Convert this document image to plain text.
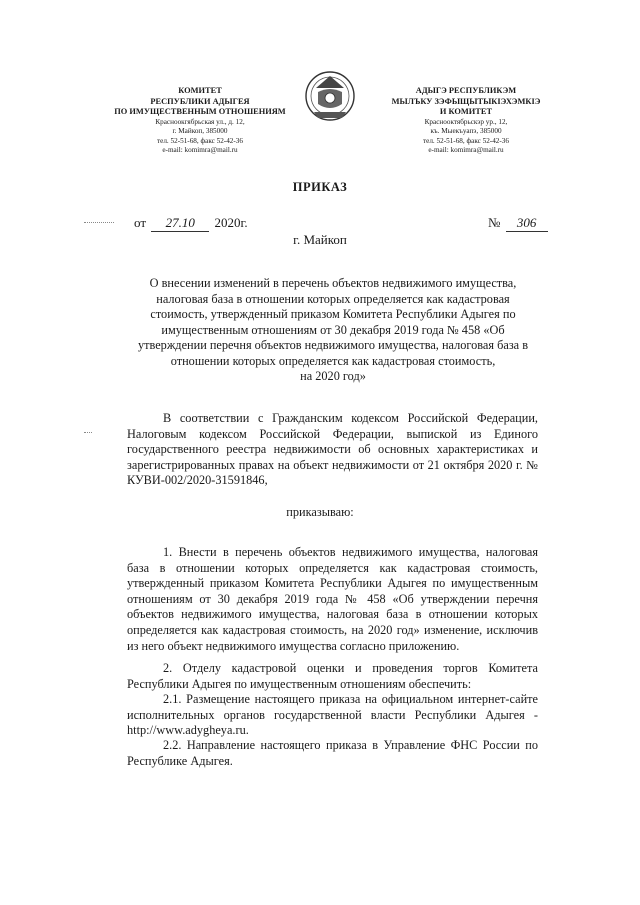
КОМИТЕТ
РЕСПУБЛИКИ АДЫГЕЯ
ПО ИМУЩЕСТВЕННЫМ ОТНОШЕНИЯМ
Красноокгябрьская ул., д. 12,
г. Майкоп, 385000
тел. 52-51-68, факс 52-42-36
e-mail: komimra@mail.ru
АДЫГЭ РЕСПУБЛИКЭМ
МЫЛЪКУ ЗЭФЫЩЫТЫКIЭХЭМКIЭ
И КОМИТЕТ
Краснооктябрьскэр ур., 12,
къ. Мыекъуапэ, 385000
тел. 52-51-68, факс 52-42-36
e-mail: komimra@mail.ru
ПРИКАЗ
от 27.10 2020г.	№ 306
г. Майкоп
О внесении изменений в перечень объектов недвижимого имущества,
налоговая база в отношении которых определяется как кадастровая
стоимость, утвержденный приказом Комитета Республики Адыгея по
имущественным отношениям от 30 декабря 2019 года № 458 «Об
утверждении перечня объектов недвижимого имущества, налоговая база в
отношении которых определяется как кадастровая стоимость,
на 2020 год»
В соответствии с Гражданским кодексом Российской Федерации, Налоговым кодексом Российской Федерации, выпиской из Единого государственного реестра недвижимости об основных характеристиках и зарегистрированных правах на объект недвижимости от 21 октября 2020 г. № КУВИ-002/2020-31591846,
приказываю:
1. Внести в перечень объектов недвижимого имущества, налоговая база в отношении которых определяется как кадастровая стоимость, утвержденный приказом Комитета Республики Адыгея по имущественным отношениям от 30 декабря 2019 года № 458 «Об утверждении перечня объектов недвижимого имущества, налоговая база в отношении которых определяется как кадастровая стоимость, на 2020 год» изменение, исключив из него объект недвижимого имущества согласно приложению.
2. Отделу кадастровой оценки и проведения торгов Комитета Республики Адыгея по имущественным отношениям обеспечить:
2.1. Размещение настоящего приказа на официальном интернет-сайте исполнительных органов государственной власти Республики Адыгея - http://www.adygheya.ru.
2.2. Направление настоящего приказа в Управление ФНС России по Республике Адыгея.
